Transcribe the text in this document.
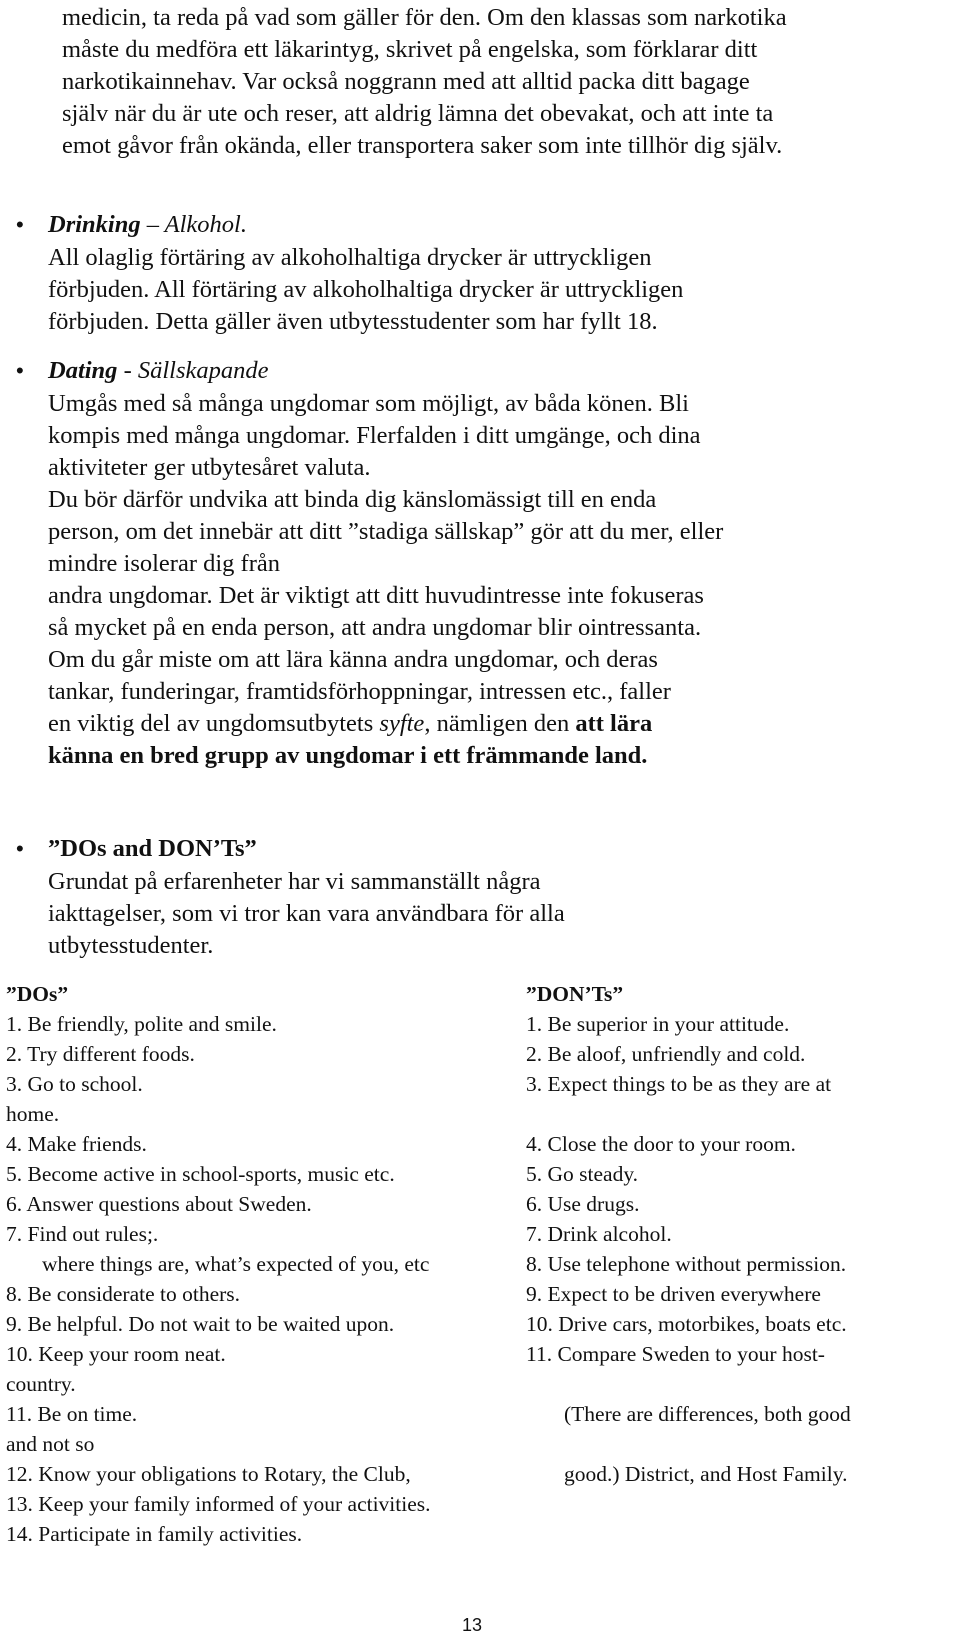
medicin, ta reda på vad som gäller för den. Om den klassas som narkotika

måste du medföra ett läkarintyg, skrivet på engelska, som förklarar ditt

narkotikainnehav. Var också noggrann med att alltid packa ditt bagage

själv när du är ute och reser, att aldrig lämna det obevakat, och att inte ta

emot gåvor från okända, eller transportera saker som inte tillhör dig själv.

• Drinking – Alkohol.

All olaglig förtäring av alkoholhaltiga drycker är uttryckligen

förbjuden. All förtäring av alkoholhaltiga drycker är uttryckligen

förbjuden. Detta gäller även utbytesstudenter som har fyllt 18.

• Dating - Sällskapande

Umgås med så många ungdomar som möjligt, av båda könen. Bli

kompis med många ungdomar. Flerfalden i ditt umgänge, och dina

aktiviteter ger utbytesåret valuta.

Du bör därför undvika att binda dig känslomässigt till en enda

person, om det innebär att ditt ”stadiga sällskap” gör att du mer, eller

mindre isolerar dig från

andra ungdomar. Det är viktigt att ditt huvudintresse inte fokuseras

så mycket på en enda person, att andra ungdomar blir ointressanta.

Om du går miste om att lära känna andra ungdomar, och deras

tankar, funderingar, framtidsförhoppningar, intressen etc., faller

en viktig del av ungdomsutbytets syfte, nämligen den att lära

känna en bred grupp av ungdomar i ett främmande land.

• ”DOs and DON’Ts”

Grundat på erfarenheter har vi sammanställt några

iakttagelser, som vi tror kan vara användbara för alla

utbytesstudenter.

”DOs”

1. Be friendly, polite and smile.

2. Try different foods.

3. Go to school.

home.

4. Make friends.

5. Become active in school-sports, music etc.

6. Answer questions about Sweden.

7. Find out rules;.

where things are, what’s expected of you, etc

8. Be considerate to others.

9. Be helpful. Do not wait to be waited upon.

10. Keep your room neat.

country.

11. Be on time.

and not so

12. Know your obligations to Rotary, the Club,

13. Keep your family informed of your activities.

14. Participate in family activities.

”DON’Ts”

1. Be superior in your attitude.

2. Be aloof, unfriendly and cold.

3. Expect things to be as they are at

4. Close the door to your room.

5. Go steady.

6. Use drugs.

7. Drink alcohol.

8. Use telephone without permission.

9. Expect to be driven everywhere

10. Drive cars, motorbikes, boats etc.

11. Compare Sweden to your host-

(There are differences, both good

good.) District, and Host Family.

13
